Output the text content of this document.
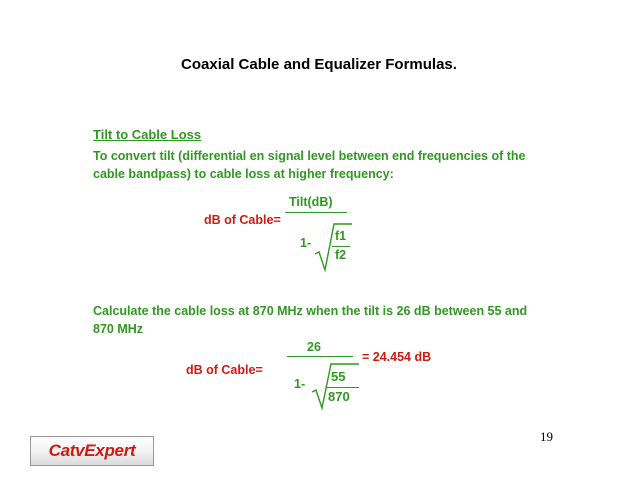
Coaxial Cable and Equalizer Formulas.
Tilt to Cable Loss
To convert tilt (differential en signal level between end frequencies of the
cable bandpass) to cable loss at higher frequency:
Tilt(dB)
dB of Cable=
1- f1
f2
Calculate the cable loss at 870 MHz when the tilt is 26 dB between 55 and
870 MHz
26
= 24.454 dB
dB of Cable=
1- 55
870
19
CatvExpert
